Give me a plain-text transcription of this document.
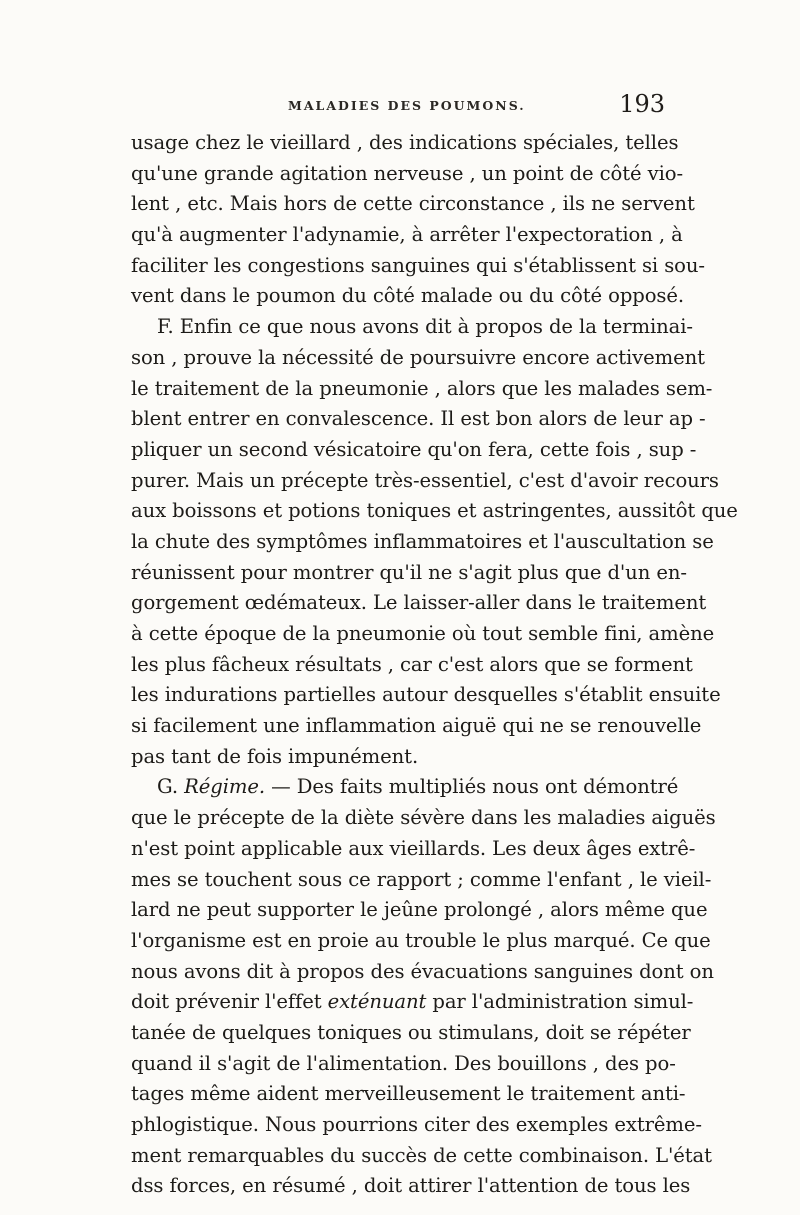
MALADIES DES POUMONS.	193
usage chez le vieillard , des indications spéciales, telles
qu'une grande agitation nerveuse , un point de côté vio-
lent , etc. Mais hors de cette circonstance , ils ne servent
qu'à augmenter l'adynamie, à arrêter l'expectoration , à
faciliter les congestions sanguines qui s'établissent si sou-
vent dans le poumon du côté malade ou du côté opposé.
F. Enfin ce que nous avons dit à propos de la terminai-
son , prouve la nécessité de poursuivre encore activement
le traitement de la pneumonie , alors que les malades sem-
blent entrer en convalescence. Il est bon alors de leur ap -
pliquer un second vésicatoire qu'on fera, cette fois , sup -
purer. Mais un précepte très-essentiel, c'est d'avoir recours
aux boissons et potions toniques et astringentes, aussitôt que
la chute des symptômes inflammatoires et l'auscultation se
réunissent pour montrer qu'il ne s'agit plus que d'un en-
gorgement œdémateux. Le laisser-aller dans le traitement
à cette époque de la pneumonie où tout semble fini, amène
les plus fâcheux résultats , car c'est alors que se forment
les indurations partielles autour desquelles s'établit ensuite
si facilement une inflammation aiguë qui ne se renouvelle
pas tant de fois impunément.
G. Régime. — Des faits multipliés nous ont démontré
que le précepte de la diète sévère dans les maladies aiguës
n'est point applicable aux vieillards. Les deux âges extrê-
mes se touchent sous ce rapport ; comme l'enfant , le vieil-
lard ne peut supporter le jeûne prolongé , alors même que
l'organisme est en proie au trouble le plus marqué. Ce que
nous avons dit à propos des évacuations sanguines dont on
doit prévenir l'effet exténuant par l'administration simul-
tanée de quelques toniques ou stimulans, doit se répéter
quand il s'agit de l'alimentation. Des bouillons , des po-
tages même aident merveilleusement le traitement anti-
phlogistique. Nous pourrions citer des exemples extrême-
ment remarquables du succès de cette combinaison. L'état
dss forces, en résumé , doit attirer l'attention de tous les
